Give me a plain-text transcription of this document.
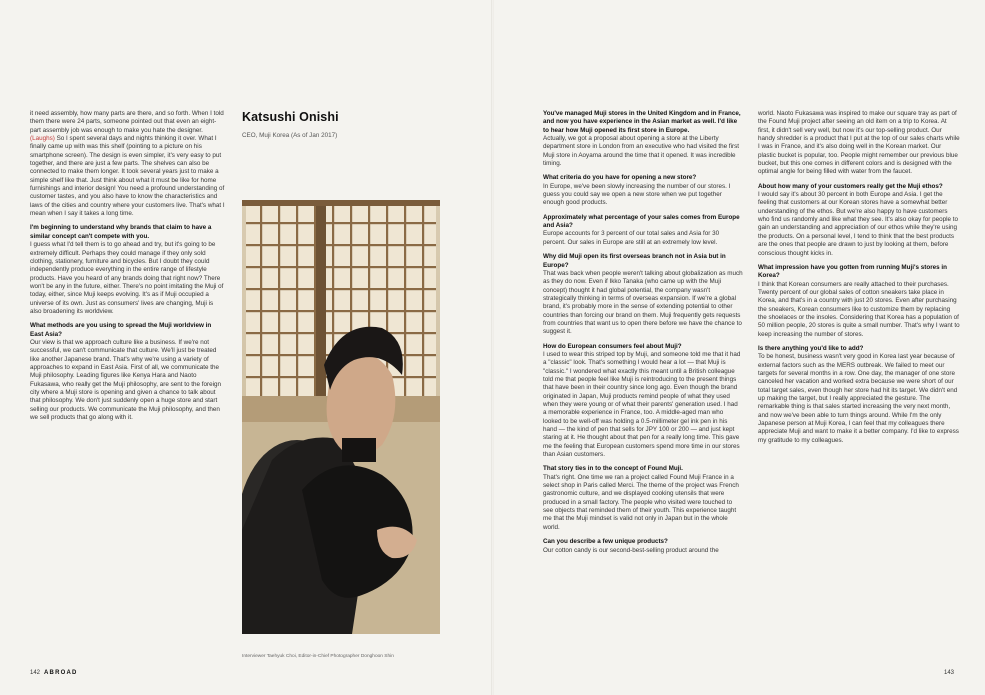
it need assembly, how many parts are there, and so forth. When I told them there were 24 parts, someone pointed out that even an eight-part assembly job was enough to make you hate the designer. (Laughs) So I spent several days and nights thinking it over. What I finally came up with was this shelf (pointing to a picture on his smartphone screen). The design is even simpler, it's very easy to put together, and there are just a few parts. The shelves can also be connected to make them longer. It took several years just to make a simple shelf like that. Just think about what it must be like for home furnishings and interior design! You need a profound understanding of customer tastes, and you also have to know the characteristics and laws of the cities and country where your customers live. That's what I mean when I say it takes a long time.

I'm beginning to understand why brands that claim to have a similar concept can't compete with you.

I guess what I'd tell them is to go ahead and try, but it's going to be extremely difficult. Perhaps they could manage if they only sold clothing, stationery, furniture and bicycles. But I doubt they could independently produce everything in the entire range of lifestyle products. Have you heard of any brands doing that right now? There won't be any in the future, either. There's no point imitating the Muji of today, either, since Muji keeps evolving. It's as if Muji occupied a universe of its own. Just as consumers' lives are changing, Muji is also broadening its worldview.

What methods are you using to spread the Muji worldview in East Asia?

Our view is that we approach culture like a business. If we're not successful, we can't communicate that culture. We'll just be treated like another Japanese brand. That's why we're using a variety of approaches to expand in East Asia. First of all, we communicate the Muji philosophy. Leading figures like Kenya Hara and Naoto Fukasawa, who really get the Muji philosophy, are sent to the foreign city where a Muji store is opening and given a chance to talk about that philosophy. We don't just suddenly open a huge store and start selling our products. We communicate the Muji philosophy, and then we sell products that go along with it.

Katsushi Onishi
CEO, Muji Korea (As of Jan 2017)
Interviewer Taehyuk Choi, Editor-in-Chief Photographer Donghoon Shin

You've managed Muji stores in the United Kingdom and in France, and now you have experience in the Asian market as well. I'd like to hear how Muji opened its first store in Europe.

Actually, we got a proposal about opening a store at the Liberty department store in London from an executive who had visited the first Muji store in Aoyama around the time that it opened. It was incredible timing.

What criteria do you have for opening a new store?

In Europe, we've been slowly increasing the number of our stores. I guess you could say we open a new store when we put together enough good products.

Approximately what percentage of your sales comes from Europe and Asia?

Europe accounts for 3 percent of our total sales and Asia for 30 percent. Our sales in Europe are still at an extremely low level.

Why did Muji open its first overseas branch not in Asia but in Europe?

That was back when people weren't talking about globalization as much as they do now. Even if Ikko Tanaka (who came up with the Muji concept) thought it had global potential, the company wasn't strategically thinking in terms of overseas expansion. If we're a global brand, it's probably more in the sense of extending potential to other countries than forcing our brand on them. Muji frequently gets requests from countries that want us to open there before we have the chance to suggest it.

How do European consumers feel about Muji?

I used to wear this striped top by Muji, and someone told me that it had a "classic" look. That's something I would hear a lot — that Muji is "classic." I wondered what exactly this meant until a British colleague told me that people feel like Muji is reintroducing to the present things that have been in their country since long ago. Even though the brand originated in Japan, Muji products remind people of what they used when they were young or of what their parents' generation used. I had a memorable experience in France, too. A middle-aged man who looked to be well-off was holding a 0.5-millimeter gel ink pen in his hand — the kind of pen that sells for JPY 100 or 200 — and just kept staring at it. He thought about that pen for a really long time. This gave me the feeling that European customers spend more time in our stores than Asian customers.

That story ties in to the concept of Found Muji.

That's right. One time we ran a project called Found Muji France in a select shop in Paris called Merci. The theme of the project was French gastronomic culture, and we displayed cooking utensils that were produced in a small factory. The people who visited were touched to see objects that reminded them of their youth. This experience taught me that the Muji mindset is valid not only in Japan but in the whole world.

Can you describe a few unique products?

Our cotton candy is our second-best-selling product around the

world. Naoto Fukasawa was inspired to make our square tray as part of the Found Muji project after seeing an old item on a trip to Korea. At first, it didn't sell very well, but now it's our top-selling product. Our handy shredder is a product that I put at the top of our sales charts while I was in France, and it's also doing well in the Korean market. Our plastic bucket is popular, too. People might remember our previous blue bucket, but this one comes in different colors and is designed with the optimal angle for being filled with water from the faucet.

About how many of your customers really get the Muji ethos?

I would say it's about 30 percent in both Europe and Asia. I get the feeling that customers at our Korean stores have a somewhat better understanding of the ethos. But we're also happy to have customers who find us randomly and like what they see. It's also okay for people to gain an understanding and appreciation of our ethos while they're using the products. On a personal level, I tend to think that the best products are the ones that people are drawn to just by looking at them, before conscious thought kicks in.

What impression have you gotten from running Muji's stores in Korea?

I think that Korean consumers are really attached to their purchases. Twenty percent of our global sales of cotton sneakers take place in Korea, and that's in a country with just 20 stores. Even after purchasing the sneakers, Korean consumers like to customize them by replacing the shoelaces or the insoles. Considering that Korea has a population of 50 million people, 20 stores is quite a small number. That's why I want to keep increasing the number of stores.

Is there anything you'd like to add?

To be honest, business wasn't very good in Korea last year because of external factors such as the MERS outbreak. We failed to meet our targets for several months in a row. One day, the manager of one store canceled her vacation and worked extra because we were short of our total target sales, even though her store had hit its target. We didn't end up making the target, but I really appreciated the gesture. The remarkable thing is that sales started increasing the very next month, and now we've been able to turn things around. While I'm the only Japanese person at Muji Korea, I can feel that my colleagues there appreciate Muji and want to make it a better company. I'd like to express my gratitude to my colleagues.

142 ABROAD	143
